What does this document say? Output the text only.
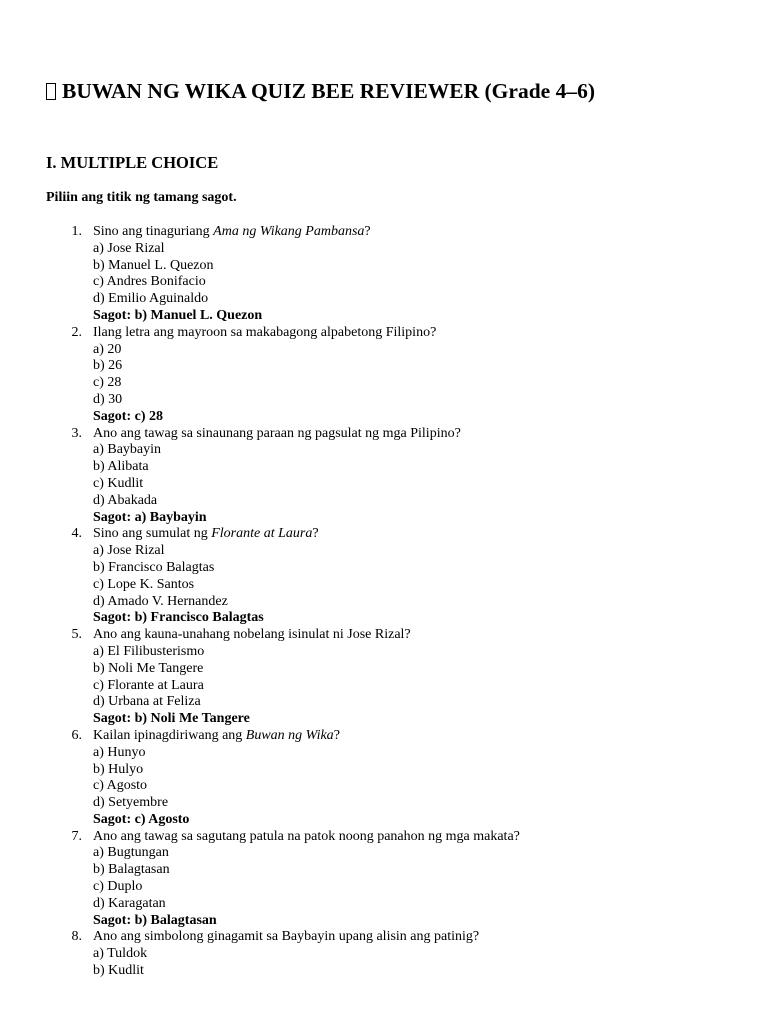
BUWAN NG WIKA QUIZ BEE REVIEWER (Grade 4–6)
I. MULTIPLE CHOICE

Piliin ang titik ng tamang sagot.

1. Sino ang tinaguriang Ama ng Wikang Pambansa?
a) Jose Rizal
b) Manuel L. Quezon
c) Andres Bonifacio
d) Emilio Aguinaldo
Sagot: b) Manuel L. Quezon
2. Ilang letra ang mayroon sa makabagong alpabetong Filipino?
a) 20
b) 26
c) 28
d) 30
Sagot: c) 28
3. Ano ang tawag sa sinaunang paraan ng pagsulat ng mga Pilipino?
a) Baybayin
b) Alibata
c) Kudlit
d) Abakada
Sagot: a) Baybayin
4. Sino ang sumulat ng Florante at Laura?
a) Jose Rizal
b) Francisco Balagtas
c) Lope K. Santos
d) Amado V. Hernandez
Sagot: b) Francisco Balagtas
5. Ano ang kauna-unahang nobelang isinulat ni Jose Rizal?
a) El Filibusterismo
b) Noli Me Tangere
c) Florante at Laura
d) Urbana at Feliza
Sagot: b) Noli Me Tangere
6. Kailan ipinagdiriwang ang Buwan ng Wika?
a) Hunyo
b) Hulyo
c) Agosto
d) Setyembre
Sagot: c) Agosto
7. Ano ang tawag sa sagutang patula na patok noong panahon ng mga makata?
a) Bugtungan
b) Balagtasan
c) Duplo
d) Karagatan
Sagot: b) Balagtasan
8. Ano ang simbolong ginagamit sa Baybayin upang alisin ang patinig?
a) Tuldok
b) Kudlit
